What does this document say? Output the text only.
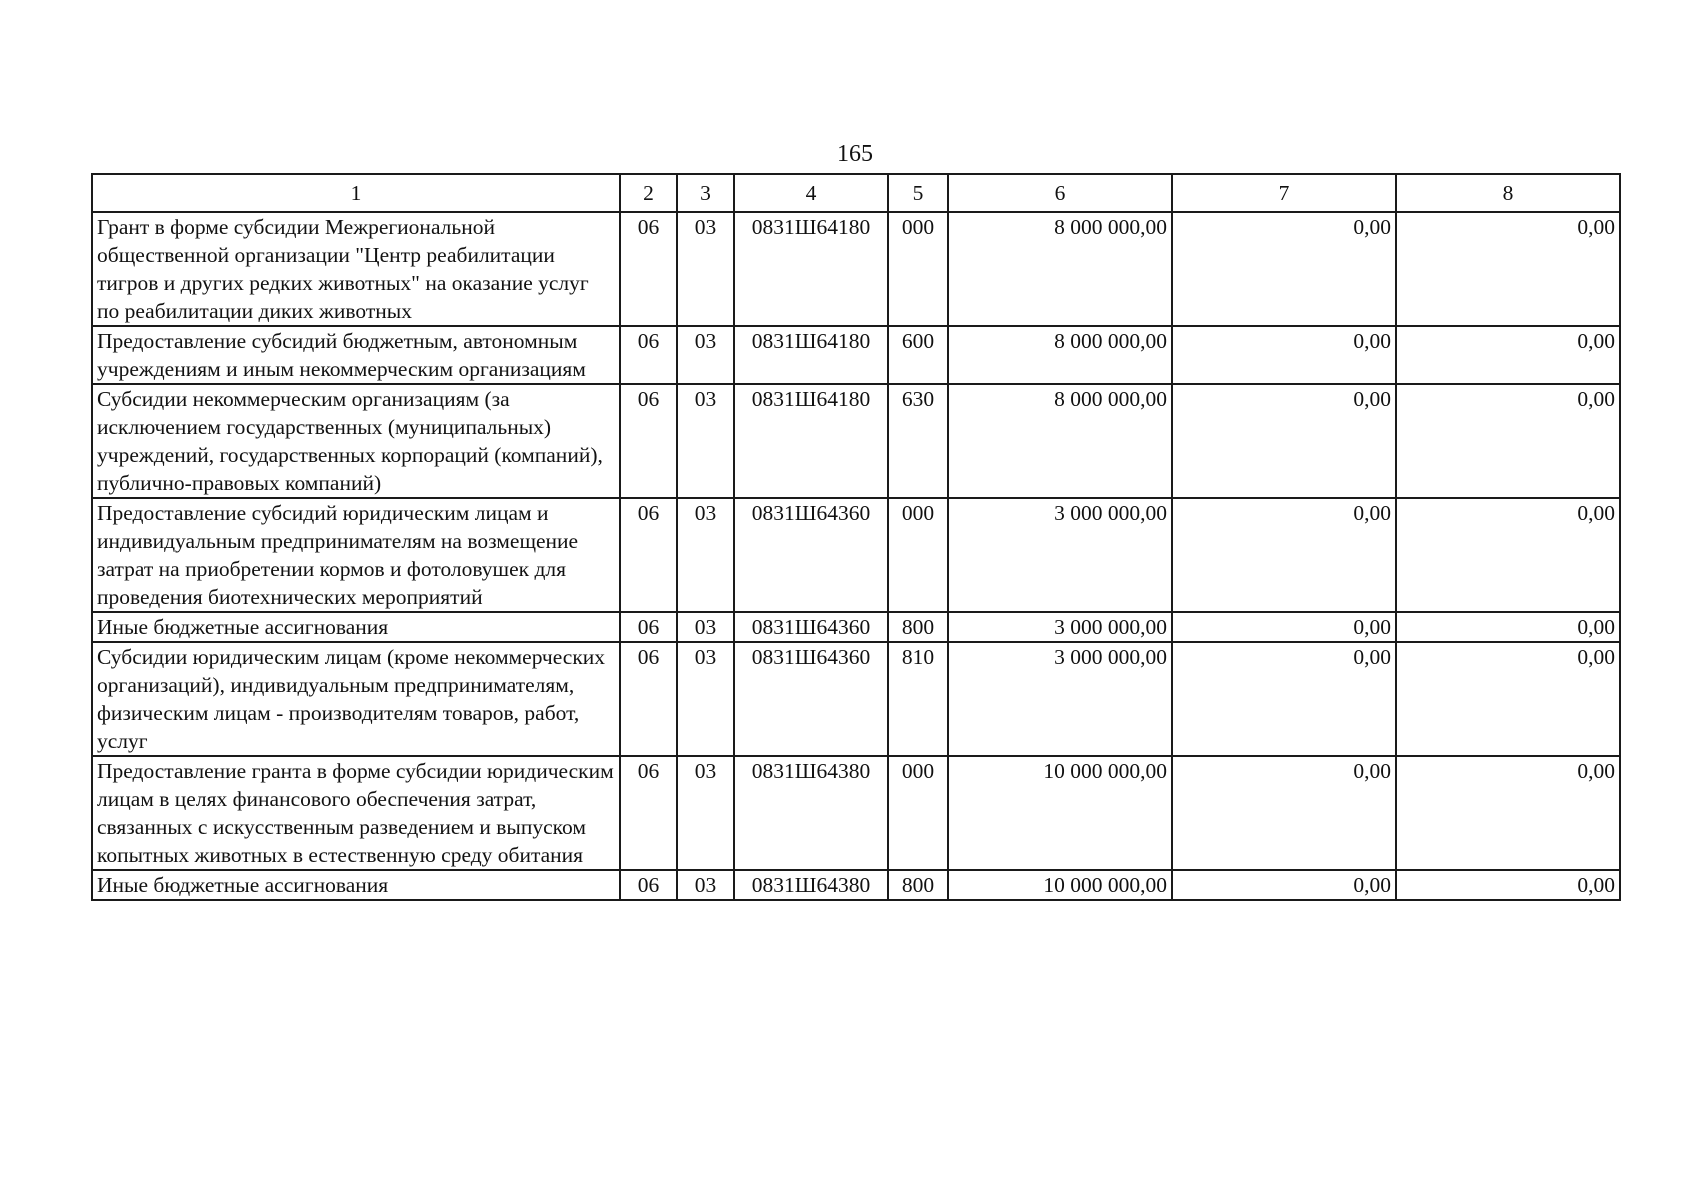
165
1	2	3	4	5	6	7	8
Грант в форме субсидии Межрегиональной общественной организации "Центр реабилитации тигров и других редких животных" на оказание услуг по реабилитации диких животных	06	03	0831Ш64180	000	8 000 000,00	0,00	0,00
Предоставление субсидий бюджетным, автономным учреждениям и иным некоммерческим организациям	06	03	0831Ш64180	600	8 000 000,00	0,00	0,00
Субсидии некоммерческим организациям (за исключением государственных (муниципальных) учреждений, государственных корпораций (компаний), публично-правовых компаний)	06	03	0831Ш64180	630	8 000 000,00	0,00	0,00
Предоставление субсидий юридическим лицам и индивидуальным предпринимателям на возмещение затрат на приобретении кормов и фотоловушек для проведения биотехнических мероприятий	06	03	0831Ш64360	000	3 000 000,00	0,00	0,00
Иные бюджетные ассигнования	06	03	0831Ш64360	800	3 000 000,00	0,00	0,00
Субсидии юридическим лицам (кроме некоммерческих организаций), индивидуальным предпринимателям, физическим лицам - производителям товаров, работ, услуг	06	03	0831Ш64360	810	3 000 000,00	0,00	0,00
Предоставление гранта в форме субсидии юридическим лицам в целях финансового обеспечения затрат, связанных с искусственным разведением и выпуском копытных животных в естественную среду обитания	06	03	0831Ш64380	000	10 000 000,00	0,00	0,00
Иные бюджетные ассигнования	06	03	0831Ш64380	800	10 000 000,00	0,00	0,00
